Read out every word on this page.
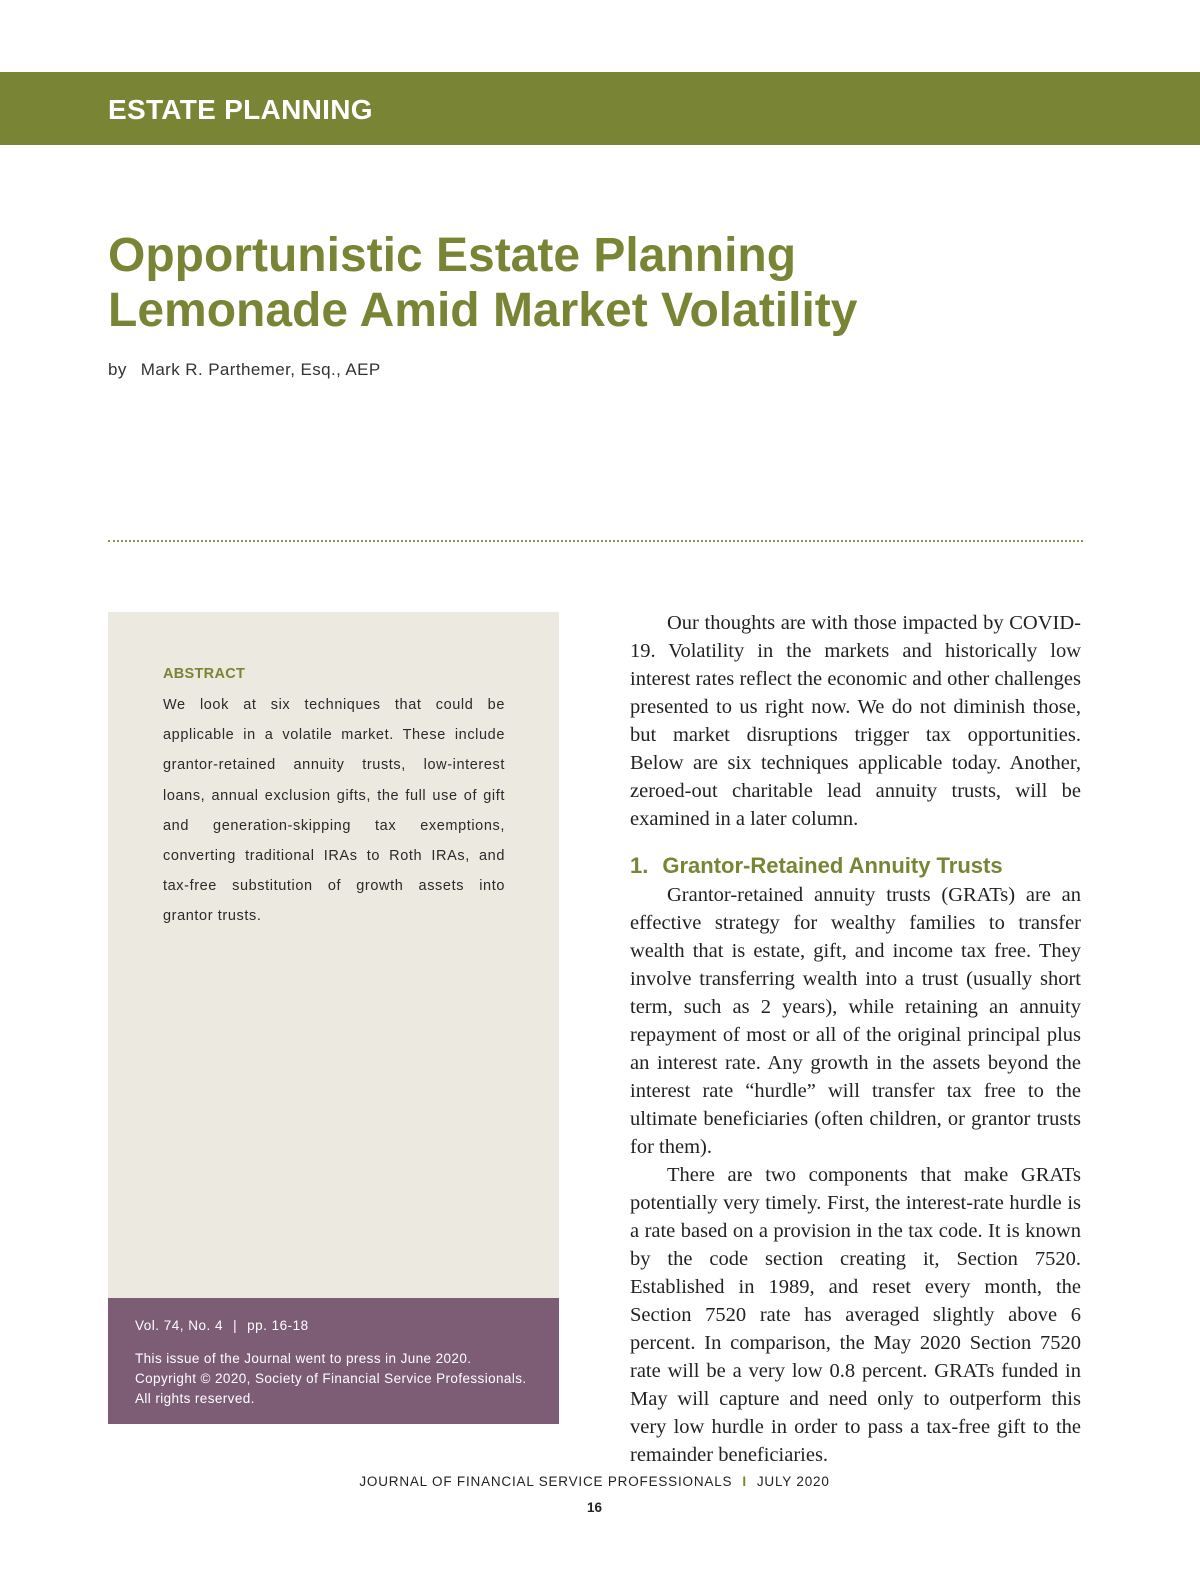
ESTATE PLANNING
Opportunistic Estate Planning
Lemonade Amid Market Volatility
by Mark R. Parthemer, Esq., AEP
ABSTRACT

We look at six techniques that could be applicable in a volatile market. These include grantor-retained annuity trusts, low-interest loans, annual exclusion gifts, the full use of gift and generation-skipping tax exemptions, converting traditional IRAs to Roth IRAs, and tax-free substitution of growth assets into grantor trusts.

Vol. 74, No. 4 | pp. 16-18

This issue of the Journal went to press in June 2020.
Copyright © 2020, Society of Financial Service Professionals.
All rights reserved.

Our thoughts are with those impacted by COVID-19. Volatility in the markets and historically low interest rates reflect the economic and other challenges presented to us right now. We do not diminish those, but market disruptions trigger tax opportunities. Below are six techniques applicable today. Another, zeroed-out charitable lead annuity trusts, will be examined in a later column.

1. Grantor-Retained Annuity Trusts

Grantor-retained annuity trusts (GRATs) are an effective strategy for wealthy families to transfer wealth that is estate, gift, and income tax free. They involve transferring wealth into a trust (usually short term, such as 2 years), while retaining an annuity repayment of most or all of the original principal plus an interest rate. Any growth in the assets beyond the interest rate “hurdle” will transfer tax free to the ultimate beneficiaries (often children, or grantor trusts for them).

There are two components that make GRATs potentially very timely. First, the interest-rate hurdle is a rate based on a provision in the tax code. It is known by the code section creating it, Section 7520. Established in 1989, and reset every month, the Section 7520 rate has averaged slightly above 6 percent. In comparison, the May 2020 Section 7520 rate will be a very low 0.8 percent. GRATs funded in May will capture and need only to outperform this very low hurdle in order to pass a tax-free gift to the remainder beneficiaries.

JOURNAL OF FINANCIAL SERVICE PROFESSIONALS I JULY 2020
16
